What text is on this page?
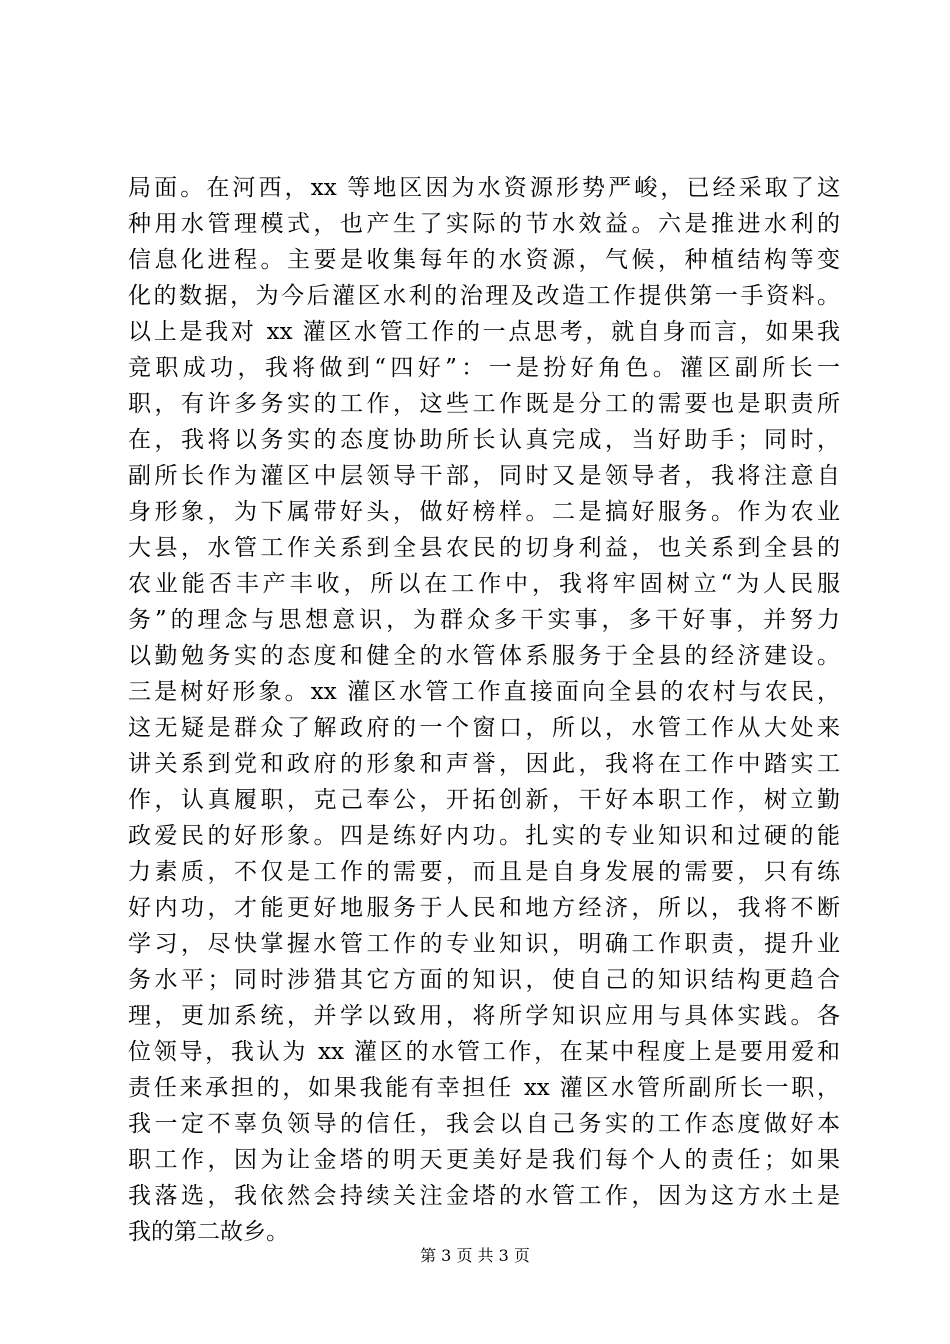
局面。在河西，xx 等地区因为水资源形势严峻，已经采取了这
种用水管理模式，也产生了实际的节水效益。六是推进水利的
信息化进程。主要是收集每年的水资源，气候，种植结构等变
化的数据，为今后灌区水利的治理及改造工作提供第一手资料。
以上是我对 xx 灌区水管工作的一点思考，就自身而言，如果我
竞职成功，我将做到“四好”：一是扮好角色。灌区副所长一
职，有许多务实的工作，这些工作既是分工的需要也是职责所
在，我将以务实的态度协助所长认真完成，当好助手；同时，
副所长作为灌区中层领导干部，同时又是领导者，我将注意自
身形象，为下属带好头，做好榜样。二是搞好服务。作为农业
大县，水管工作关系到全县农民的切身利益，也关系到全县的
农业能否丰产丰收，所以在工作中，我将牢固树立“为人民服
务”的理念与思想意识，为群众多干实事，多干好事，并努力
以勤勉务实的态度和健全的水管体系服务于全县的经济建设。
三是树好形象。xx 灌区水管工作直接面向全县的农村与农民，
这无疑是群众了解政府的一个窗口，所以，水管工作从大处来
讲关系到党和政府的形象和声誉，因此，我将在工作中踏实工
作，认真履职，克己奉公，开拓创新，干好本职工作，树立勤
政爱民的好形象。四是练好内功。扎实的专业知识和过硬的能
力素质，不仅是工作的需要，而且是自身发展的需要，只有练
好内功，才能更好地服务于人民和地方经济，所以，我将不断
学习，尽快掌握水管工作的专业知识，明确工作职责，提升业
务水平；同时涉猎其它方面的知识，使自己的知识结构更趋合
理，更加系统，并学以致用，将所学知识应用与具体实践。各
位领导，我认为 xx 灌区的水管工作，在某中程度上是要用爱和
责任来承担的，如果我能有幸担任 xx 灌区水管所副所长一职，
我一定不辜负领导的信任，我会以自己务实的工作态度做好本
职工作，因为让金塔的明天更美好是我们每个人的责任；如果
我落选，我依然会持续关注金塔的水管工作，因为这方水土是
我的第二故乡。
第 3 页 共 3 页
